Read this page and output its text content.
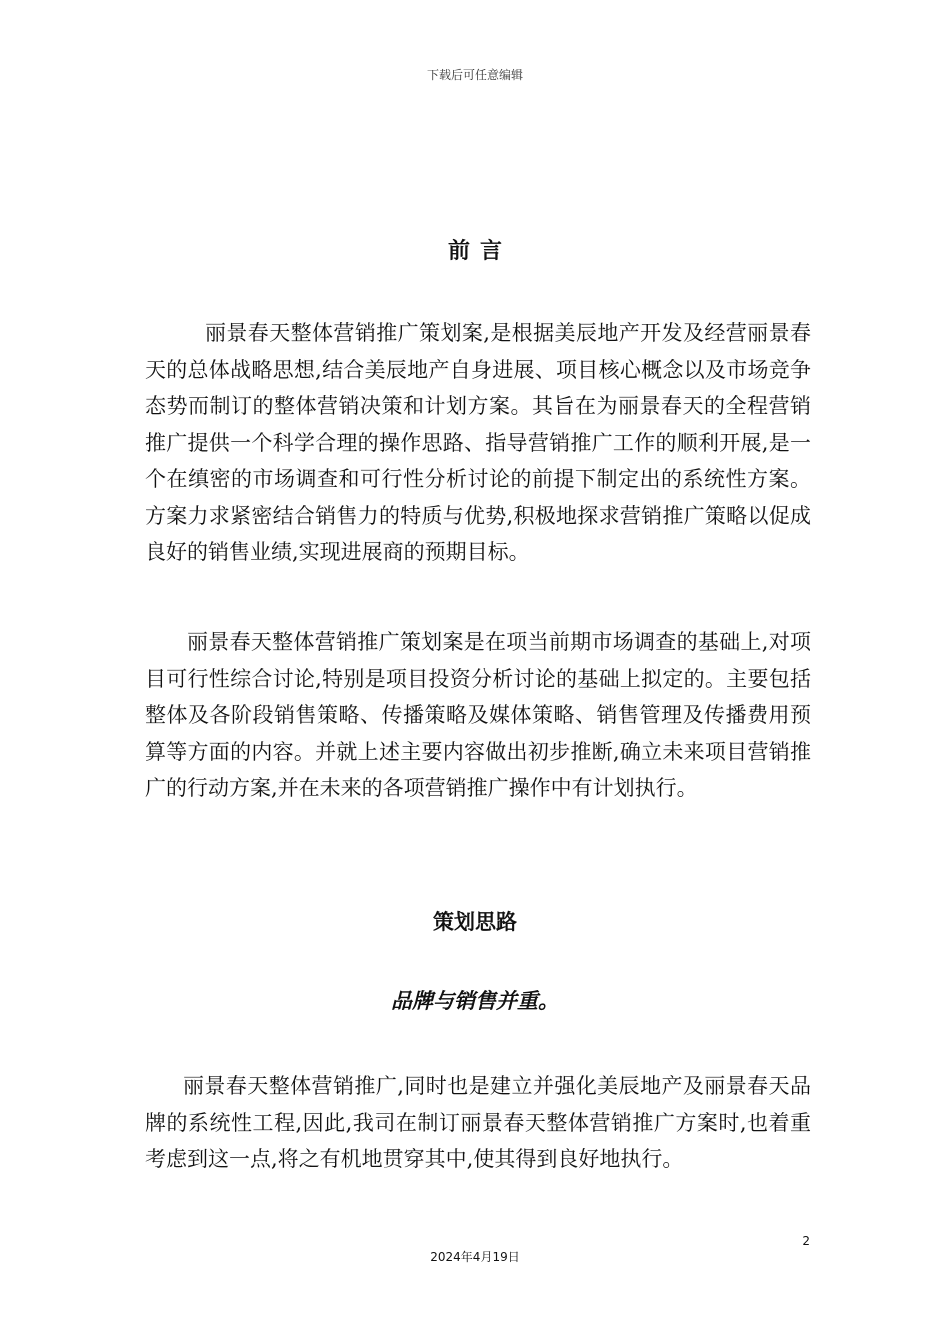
下载后可任意编辑
前言

丽景春天整体营销推广策划案,是根据美辰地产开发及经营丽景春天的总体战略思想,结合美辰地产自身进展、项目核心概念以及市场竞争态势而制订的整体营销决策和计划方案。其旨在为丽景春天的全程营销推广提供一个科学合理的操作思路、指导营销推广工作的顺利开展,是一个在缜密的市场调查和可行性分析讨论的前提下制定出的系统性方案。方案力求紧密结合销售力的特质与优势,积极地探求营销推广策略以促成良好的销售业绩,实现进展商的预期目标。

丽景春天整体营销推广策划案是在项当前期市场调查的基础上,对项目可行性综合讨论,特别是项目投资分析讨论的基础上拟定的。主要包括整体及各阶段销售策略、传播策略及媒体策略、销售管理及传播费用预算等方面的内容。并就上述主要内容做出初步推断,确立未来项目营销推广的行动方案,并在未来的各项营销推广操作中有计划执行。

策划思路
品牌与销售并重。

丽景春天整体营销推广,同时也是建立并强化美辰地产及丽景春天品牌的系统性工程,因此,我司在制订丽景春天整体营销推广方案时,也着重考虑到这一点,将之有机地贯穿其中,使其得到良好地执行。

2
2024年4月19日
